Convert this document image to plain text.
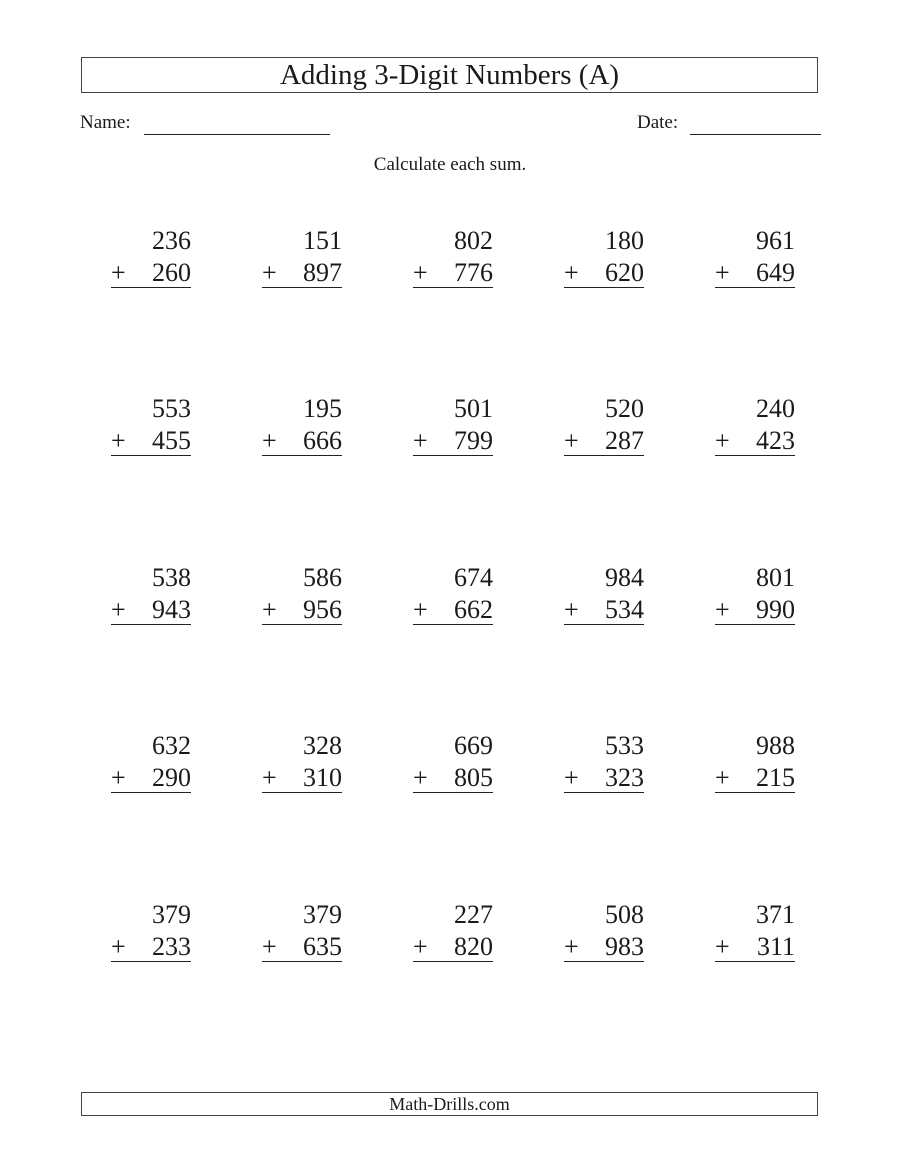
Adding 3-Digit Numbers (A)
Name:	Date:
Calculate each sum.
236
+ 260
151
+ 897
802
+ 776
180
+ 620
961
+ 649
553
+ 455
195
+ 666
501
+ 799
520
+ 287
240
+ 423
538
+ 943
586
+ 956
674
+ 662
984
+ 534
801
+ 990
632
+ 290
328
+ 310
669
+ 805
533
+ 323
988
+ 215
379
+ 233
379
+ 635
227
+ 820
508
+ 983
371
+ 311
Math-Drills.com
